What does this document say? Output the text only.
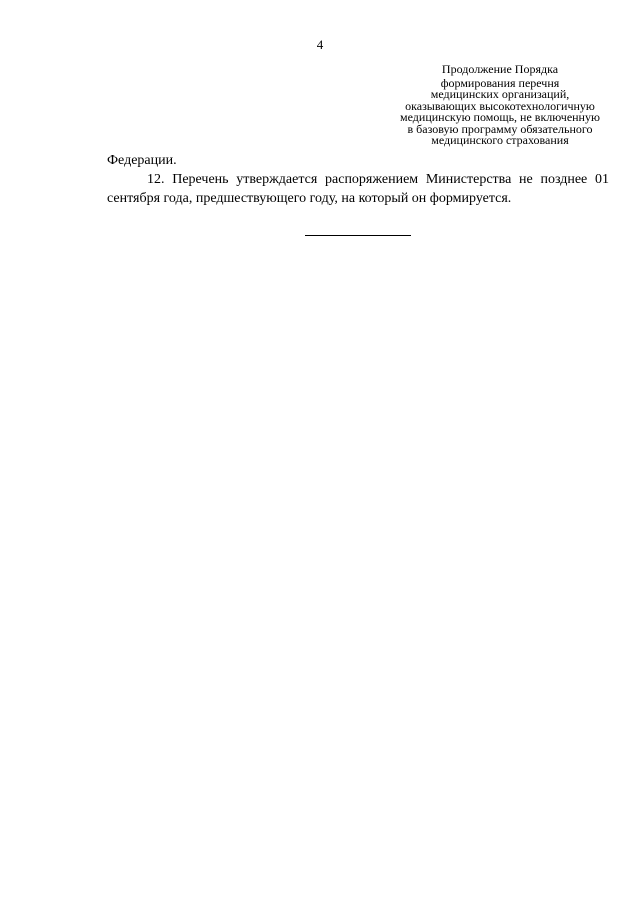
4
Продолжение Порядка
формирования перечня
медицинских организаций,
оказывающих высокотехнологичную
медицинскую помощь, не включенную
в базовую программу обязательного
медицинского страхования

Федерации.

12. Перечень утверждается распоряжением Министерства не позднее 01 сентября года, предшествующего году, на который он формируется.
